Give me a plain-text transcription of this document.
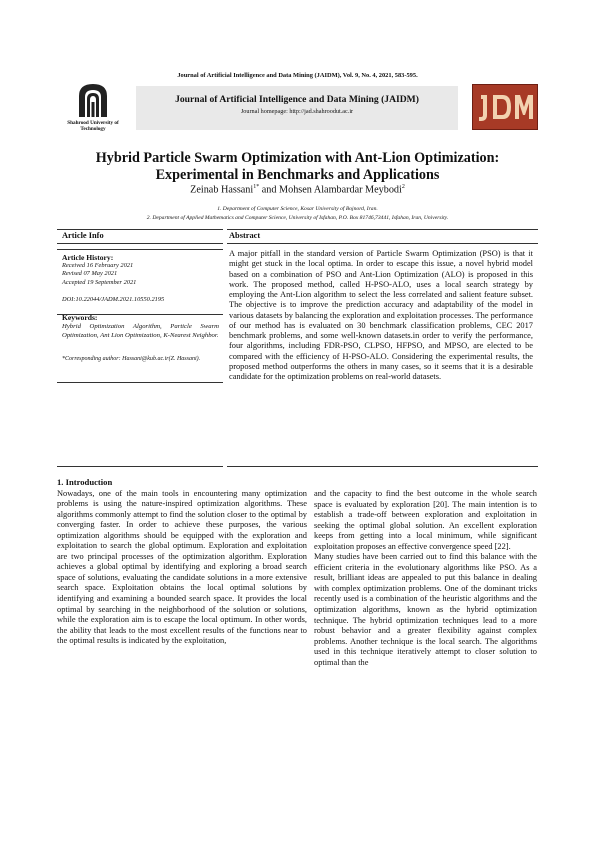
Journal of Artificial Intelligence and Data Mining (JAIDM), Vol. 9, No. 4, 2021, 583-595.
Shahrood University of
Technology
Journal of Artificial Intelligence and Data Mining (JAIDM)
Journal homepage: http://jad.shahroodut.ac.ir
Hybrid Particle Swarm Optimization with Ant-Lion Optimization:
Experimental in Benchmarks and Applications
Zeinab Hassani$^{1*}$ and Mohsen Alambardar Meybodi$^2$
1. Department of Computer Science, Kosar University of Bojnord, Iran.
2. Department of Applied Mathematics and Computer Science, University of Isfahan, P.O. Box 81746,73441, Isfahan, Iran, University.
Article Info
Article History:
Received 16 February 2021
Revised 07 May 2021
Accepted 19 September 2021
DOI:10.22044/JADM.2021.10550.2195
Keywords:
Hybrid Optimization Algorithm, Particle Swarm Optimization, Ant Lion Optimization, K-Nearest Neighbor.
*Corresponding author: Hassani@kub.ac.ir(Z. Hassani).
Abstract
A major pitfall in the standard version of Particle Swarm Optimization (PSO) is that it might get stuck in the local optima. In order to escape this issue, a novel hybrid model based on a combination of PSO and Ant-Lion Optimization (ALO) is proposed in this work. The proposed method, called H-PSO-ALO, uses a local search strategy by employing the Ant-Lion algorithm to select the less correlated and salient feature subset. The objective is to improve the prediction accuracy and adaptability of the model in various datasets by balancing the exploration and exploitation processes. The performance of our method has is evaluated on 30 benchmark classification problems, CEC 2017 benchmark problems, and some well-known datasets.in order to verify the performance, four algorithms, including FDR-PSO, CLPSO, HFPSO, and MPSO, are elected to be compared with the efficiency of H-PSO-ALO. Considering the experimental results, the proposed method outperforms the others in many cases, so it seems that it is a desirable candidate for the optimization problems on real-world datasets.
1. Introduction

Nowadays, one of the main tools in encountering many optimization problems is using the nature-inspired optimization algorithms. These algorithms commonly attempt to find the solution closer to the optimal by converging faster. In order to achieve these purposes, the various optimization algorithms should be equipped with the exploration and exploitation to search the global optimum. Exploration and exploitation are two principal processes of the optimization algorithm. Exploration achieves a global optimal by identifying and exploring a broad search space of solutions, evaluating the candidate solutions in a more extensive search space. Exploitation obtains the local optimal solutions by identifying and examining a bounded search space. It provides the local optimal by searching in the neighborhood of the solution or solutions, while the exploration aim is to escape the local optimum. In other words, the ability that leads to the most excellent results of the functions near to the optimal results is indicated by the exploitation,

and the capacity to find the best outcome in the whole search space is evaluated by exploration [20]. The main intention is to establish a trade-off between exploration and exploitation in seeking the optimal global solution. An excellent exploration keeps from getting into a local minimum, while significant exploitation proposes an effective convergence speed [22].

Many studies have been carried out to find this balance with the efficient criteria in the evolutionary algorithms like PSO. As a result, brilliant ideas are appealed to put this balance in dealing with complex optimization problems. One of the dominant tricks recently used is a combination of the heuristic algorithms and the optimization algorithms, known as the hybrid optimization technique. The hybrid optimization techniques lead to a more robust behavior and a greater flexibility against complex problems. Another technique is the local search. The algorithms used in this technique iteratively attempt to closer solution to optimal than the
